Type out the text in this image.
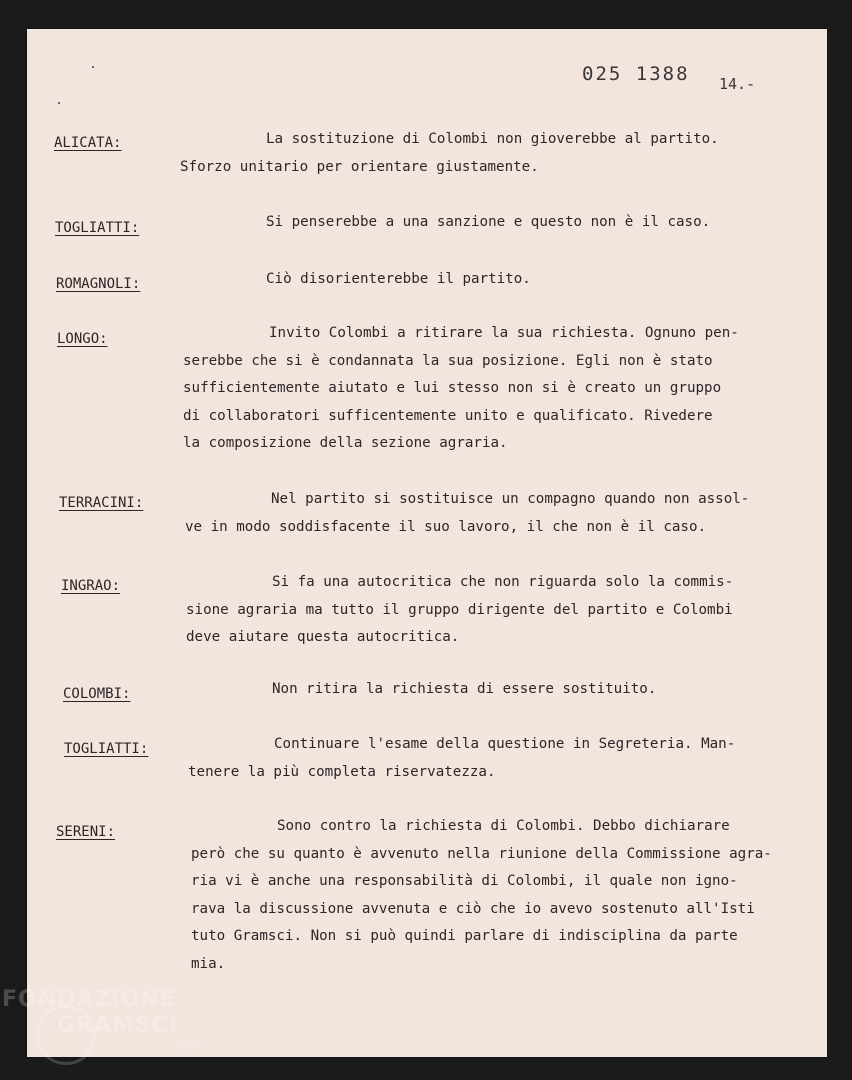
025 1388 14.-
ALICATA:	La sostituzione di Colombi non gioverebbe al partito.
Sforzo unitario per orientare giustamente.
TOGLIATTI:	Si penserebbe a una sanzione e questo non è il caso.
ROMAGNOLI:	Ciò disorienterebbe il partito.
LONGO:	Invito Colombi a ritirare la sua richiesta. Ognuno pen-
serebbe che si è condannata la sua posizione. Egli non è stato
sufficientemente aiutato e lui stesso non si è creato un gruppo
di collaboratori sufficentemente unito e qualificato. Rivedere
la composizione della sezione agraria.
TERRACINI:	Nel partito si sostituisce un compagno quando non assol-
ve in modo soddisfacente il suo lavoro, il che non è il caso.
INGRAO:	Si fa una autocritica che non riguarda solo la commis-
sione agraria ma tutto il gruppo dirigente del partito e Colombi
deve aiutare questa autocritica.
COLOMBI:	Non ritira la richiesta di essere sostituito.
TOGLIATTI:	Continuare l'esame della questione in Segreteria. Man-
tenere la più completa riservatezza.
SERENI:	Sono contro la richiesta di Colombi. Debbo dichiarare
però che su quanto è avvenuto nella riunione della Commissione agra-
ria vi è anche una responsabilità di Colombi, il quale non igno-
rava la discussione avvenuta e ciò che io avevo sostenuto all'Isti
tuto Gramsci. Non si può quindi parlare di indisciplina da parte
mia.
FONDAZIONE
GRAMSCI
onlus
